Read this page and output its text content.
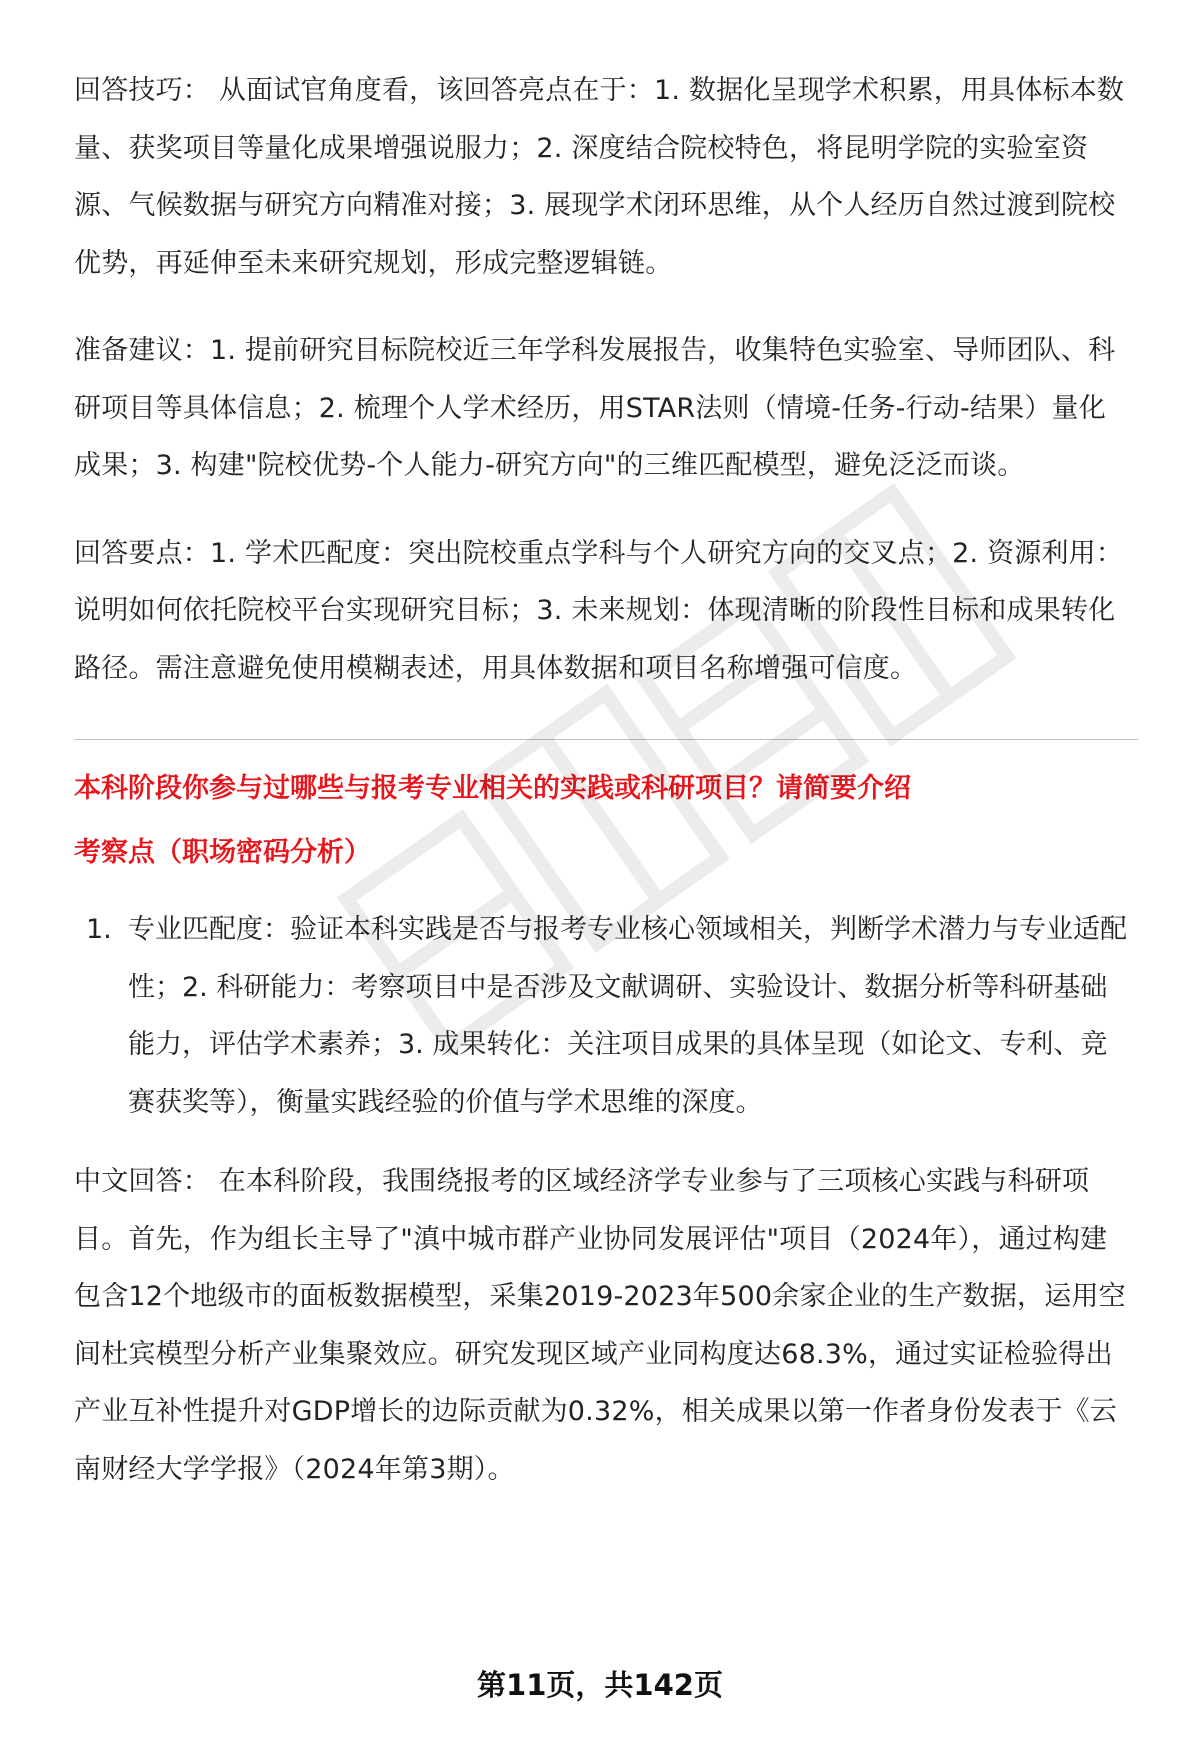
回答技巧： 从面试官角度看，该回答亮点在于：1. 数据化呈现学术积累，用具体标本数量、获奖项目等量化成果增强说服力；2. 深度结合院校特色，将昆明学院的实验室资源、气候数据与研究方向精准对接；3. 展现学术闭环思维，从个人经历自然过渡到院校优势，再延伸至未来研究规划，形成完整逻辑链。

准备建议：1. 提前研究目标院校近三年学科发展报告，收集特色实验室、导师团队、科研项目等具体信息；2. 梳理个人学术经历，用STAR法则（情境-任务-行动-结果）量化成果；3. 构建"院校优势-个人能力-研究方向"的三维匹配模型，避免泛泛而谈。

回答要点：1. 学术匹配度：突出院校重点学科与个人研究方向的交叉点；2. 资源利用：说明如何依托院校平台实现研究目标；3. 未来规划：体现清晰的阶段性目标和成果转化路径。需注意避免使用模糊表述，用具体数据和项目名称增强可信度。

本科阶段你参与过哪些与报考专业相关的实践或科研项目？请简要介绍

考察点（职场密码分析）

1. 专业匹配度：验证本科实践是否与报考专业核心领域相关，判断学术潜力与专业适配性；2. 科研能力：考察项目中是否涉及文献调研、实验设计、数据分析等科研基础能力，评估学术素养；3. 成果转化：关注项目成果的具体呈现（如论文、专利、竞赛获奖等），衡量实践经验的价值与学术思维的深度。

中文回答： 在本科阶段，我围绕报考的区域经济学专业参与了三项核心实践与科研项目。首先，作为组长主导了"滇中城市群产业协同发展评估"项目（2024年），通过构建包含12个地级市的面板数据模型，采集2019-2023年500余家企业的生产数据，运用空间杜宾模型分析产业集聚效应。研究发现区域产业同构度达68.3%，通过实证检验得出产业互补性提升对GDP增长的边际贡献为0.32%，相关成果以第一作者身份发表于《云南财经大学学报》（2024年第3期）。

第11页，共142页
